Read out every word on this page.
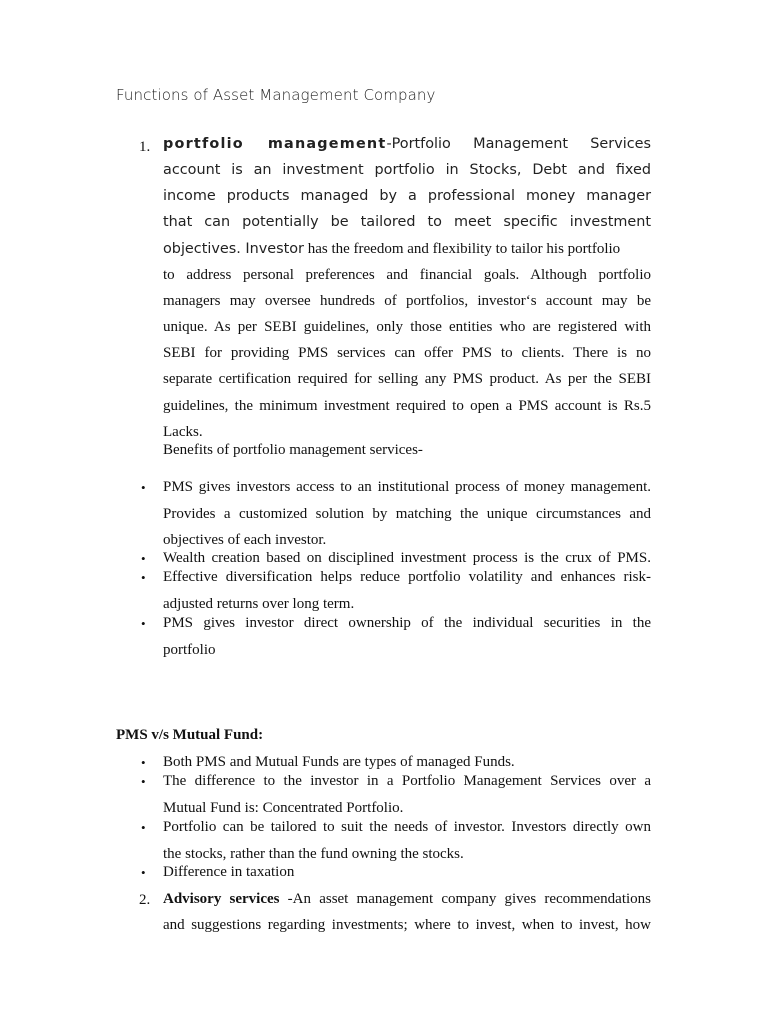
Functions of Asset Management Company
1. portfolio management-Portfolio Management Services
account is an investment portfolio in Stocks, Debt and fixed
income products managed by a professional money manager
that can potentially be tailored to meet specific investment
objectives. Investor has the freedom and flexibility to tailor his portfolio
to address personal preferences and financial goals. Although portfolio
managers may oversee hundreds of portfolios, investor‘s account may be
unique. As per SEBI guidelines, only those entities who are registered with
SEBI for providing PMS services can offer PMS to clients. There is no
separate certification required for selling any PMS product. As per the SEBI
guidelines, the minimum investment required to open a PMS account is Rs.5
Lacks.
Benefits of portfolio management services-
• PMS gives investors access to an institutional process of money management.
Provides a customized solution by matching the unique circumstances and
objectives of each investor.
• Wealth creation based on disciplined investment process is the crux of PMS.
• Effective diversification helps reduce portfolio volatility and enhances risk-
adjusted returns over long term.
• PMS gives investor direct ownership of the individual securities in the
portfolio
PMS v/s Mutual Fund:
• Both PMS and Mutual Funds are types of managed Funds.
• The difference to the investor in a Portfolio Management Services over a
Mutual Fund is: Concentrated Portfolio.
• Portfolio can be tailored to suit the needs of investor. Investors directly own
the stocks, rather than the fund owning the stocks.
• Difference in taxation
2. Advisory services -An asset management company gives recommendations
and suggestions regarding investments; where to invest, when to invest, how
